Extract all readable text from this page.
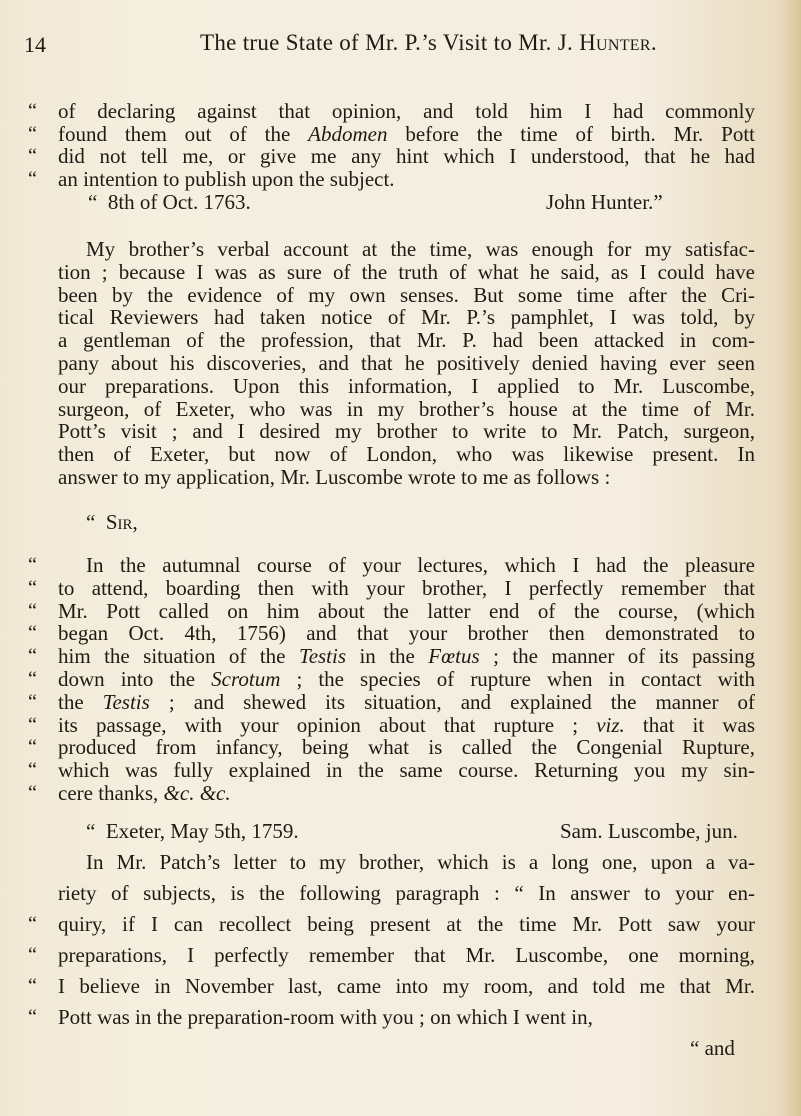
14	The true State of Mr. P.’s Visit to Mr. J. Hunter.
“ of declaring against that opinion, and told him I had commonly
“ found them out of the Abdomen before the time of birth. Mr. Pott
“ did not tell me, or give me any hint which I understood, that he had
“ an intention to publish upon the subject.
“ 8th of Oct. 1763.	John Hunter.”
My brother’s verbal account at the time, was enough for my satisfac-
tion ; because I was as sure of the truth of what he said, as I could have
been by the evidence of my own senses. But some time after the Cri-
tical Reviewers had taken notice of Mr. P.’s pamphlet, I was told, by
a gentleman of the profession, that Mr. P. had been attacked in com-
pany about his discoveries, and that he positively denied having ever seen
our preparations. Upon this information, I applied to Mr. Luscombe,
surgeon, of Exeter, who was in my brother’s house at the time of Mr.
Pott’s visit ; and I desired my brother to write to Mr. Patch, surgeon,
then of Exeter, but now of London, who was likewise present. In
answer to my application, Mr. Luscombe wrote to me as follows :
“ Sir,
“ In the autumnal course of your lectures, which I had the pleasure
“ to attend, boarding then with your brother, I perfectly remember that
“ Mr. Pott called on him about the latter end of the course, (which
“ began Oct. 4th, 1756) and that your brother then demonstrated to
“ him the situation of the Testis in the Fœtus ; the manner of its passing
“ down into the Scrotum ; the species of rupture when in contact with
“ the Testis ; and shewed its situation, and explained the manner of
“ its passage, with your opinion about that rupture ; viz. that it was
“ produced from infancy, being what is called the Congenial Rupture,
“ which was fully explained in the same course. Returning you my sin-
“ cere thanks, &c. &c.
“ Exeter, May 5th, 1759.	Sam. Luscombe, jun.
In Mr. Patch’s letter to my brother, which is a long one, upon a va-
riety of subjects, is the following paragraph : “ In answer to your en-
“ quiry, if I can recollect being present at the time Mr. Pott saw your
“ preparations, I perfectly remember that Mr. Luscombe, one morning,
“ I believe in November last, came into my room, and told me that Mr.
“ Pott was in the preparation-room with you ; on which I went in,
“ and
